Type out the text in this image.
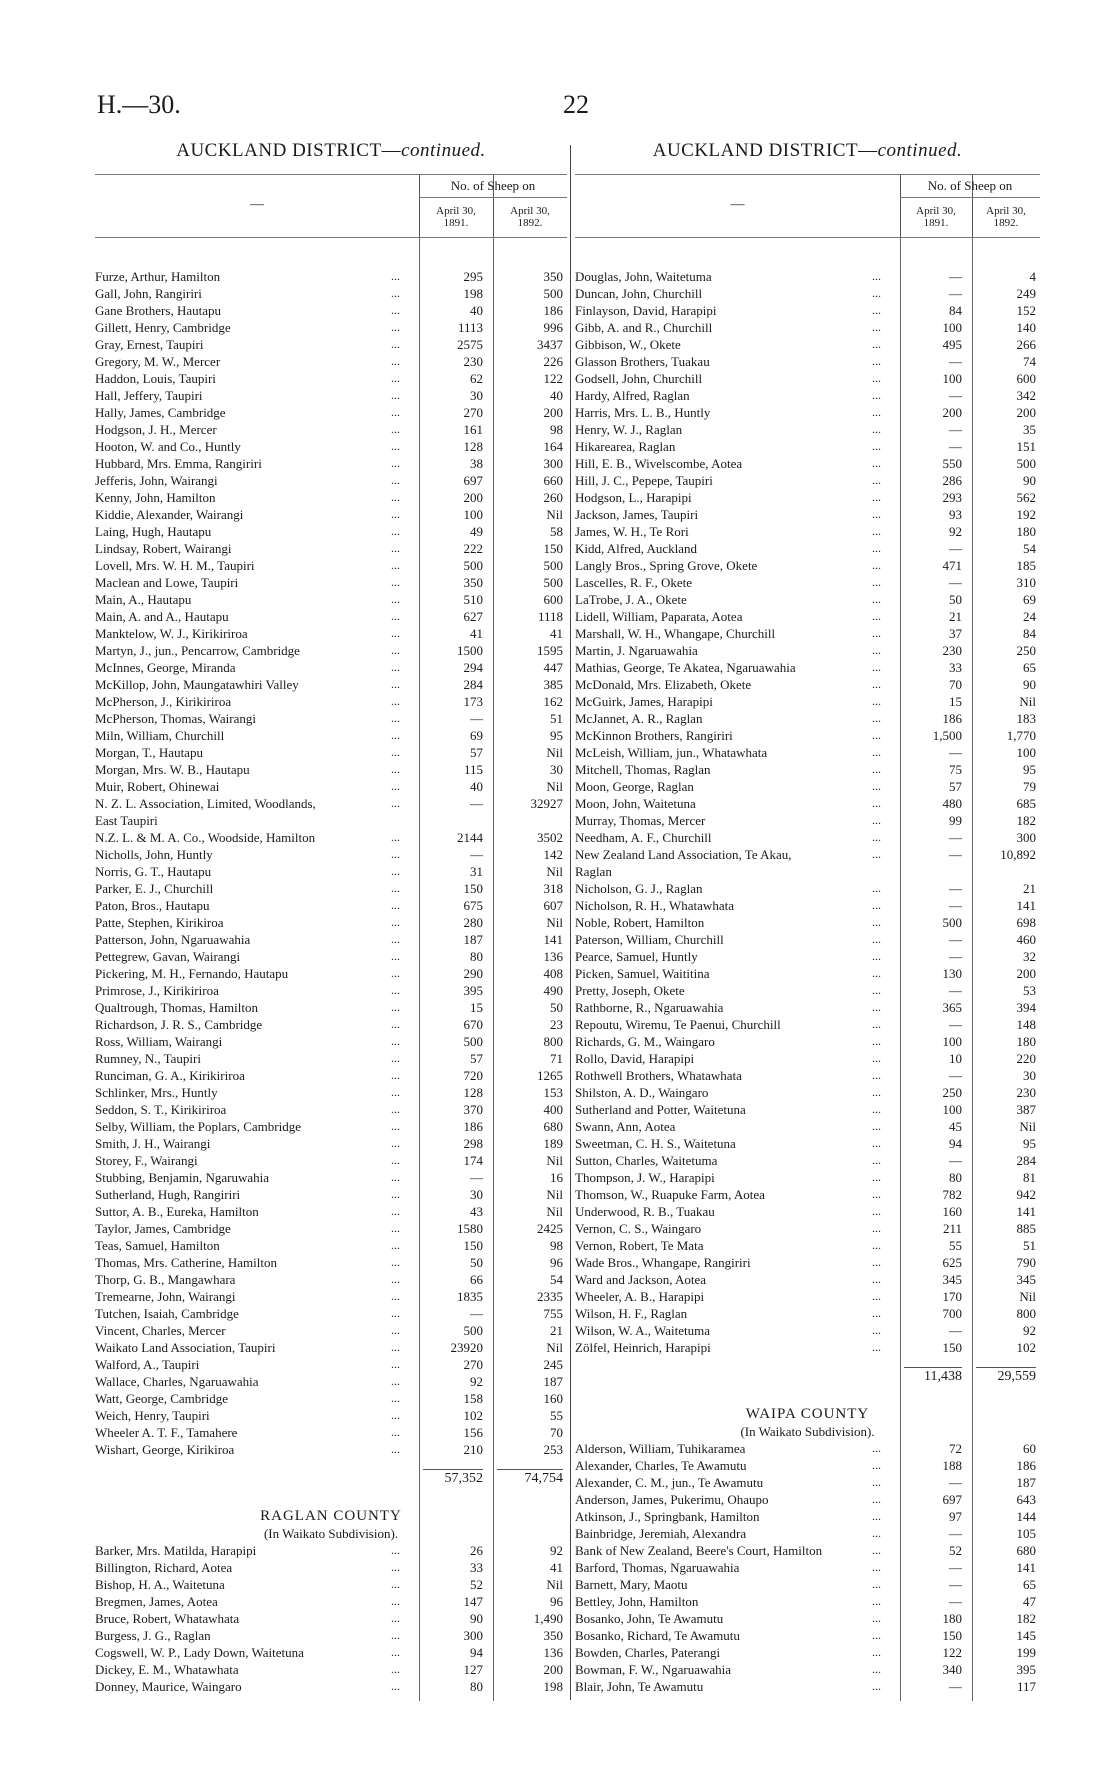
H.—30.	22
AUCKLAND DISTRICT—continued.
—
No. of Sheep on
April 30,
1891.
April 30,
1892.
Furze, Arthur, Hamilton	...	295	350
Gall, John, Rangiriri	...	198	500
Gane Brothers, Hautapu	...	40	186
Gillett, Henry, Cambridge	...	1113	996
Gray, Ernest, Taupiri	...	2575	3437
Gregory, M. W., Mercer	...	230	226
Haddon, Louis, Taupiri	...	62	122
Hall, Jeffery, Taupiri	...	30	40
Hally, James, Cambridge	...	270	200
Hodgson, J. H., Mercer	...	161	98
Hooton, W. and Co., Huntly	...	128	164
Hubbard, Mrs. Emma, Rangiriri	...	38	300
Jefferis, John, Wairangi	...	697	660
Kenny, John, Hamilton	...	200	260
Kiddie, Alexander, Wairangi	...	100	Nil
Laing, Hugh, Hautapu	...	49	58
Lindsay, Robert, Wairangi	...	222	150
Lovell, Mrs. W. H. M., Taupiri	...	500	500
Maclean and Lowe, Taupiri	...	350	500
Main, A., Hautapu	...	510	600
Main, A. and A., Hautapu	...	627	1118
Manktelow, W. J., Kirikiriroa	...	41	41
Martyn, J., jun., Pencarrow, Cambridge	...	1500	1595
McInnes, George, Miranda	...	294	447
McKillop, John, Maungatawhiri Valley	...	284	385
McPherson, J., Kirikiriroa	...	173	162
McPherson, Thomas, Wairangi	...	—	51
Miln, William, Churchill	...	69	95
Morgan, T., Hautapu	...	57	Nil
Morgan, Mrs. W. B., Hautapu	...	115	30
Muir, Robert, Ohinewai	...	40	Nil
N. Z. L. Association, Limited, Woodlands,	...	—	32927
East Taupiri
N.Z. L. & M. A. Co., Woodside, Hamilton	...	2144	3502
Nicholls, John, Huntly	...	—	142
Norris, G. T., Hautapu	...	31	Nil
Parker, E. J., Churchill	...	150	318
Paton, Bros., Hautapu	...	675	607
Patte, Stephen, Kirikiroa	...	280	Nil
Patterson, John, Ngaruawahia	...	187	141
Pettegrew, Gavan, Wairangi	...	80	136
Pickering, M. H., Fernando, Hautapu	...	290	408
Primrose, J., Kirikiriroa	...	395	490
Qualtrough, Thomas, Hamilton	...	15	50
Richardson, J. R. S., Cambridge	...	670	23
Ross, William, Wairangi	...	500	800
Rumney, N., Taupiri	...	57	71
Runciman, G. A., Kirikiriroa	...	720	1265
Schlinker, Mrs., Huntly	...	128	153
Seddon, S. T., Kirikiriroa	...	370	400
Selby, William, the Poplars, Cambridge	...	186	680
Smith, J. H., Wairangi	...	298	189
Storey, F., Wairangi	...	174	Nil
Stubbing, Benjamin, Ngaruwahia	...	—	16
Sutherland, Hugh, Rangiriri	...	30	Nil
Suttor, A. B., Eureka, Hamilton	...	43	Nil
Taylor, James, Cambridge	...	1580	2425
Teas, Samuel, Hamilton	...	150	98
Thomas, Mrs. Catherine, Hamilton	...	50	96
Thorp, G. B., Mangawhara	...	66	54
Tremearne, John, Wairangi	...	1835	2335
Tutchen, Isaiah, Cambridge	...	—	755
Vincent, Charles, Mercer	...	500	21
Waikato Land Association, Taupiri	...	23920	Nil
Walford, A., Taupiri	...	270	245
Wallace, Charles, Ngaruawahia	...	92	187
Watt, George, Cambridge	...	158	160
Weich, Henry, Taupiri	...	102	55
Wheeler A. T. F., Tamahere	...	156	70
Wishart, George, Kirikiroa	...	210	253
57,352	74,754
RAGLAN COUNTY
(In Waikato Subdivision).
Barker, Mrs. Matilda, Harapipi	...	26	92
Billington, Richard, Aotea	...	33	41
Bishop, H. A., Waitetuna	...	52	Nil
Bregmen, James, Aotea	...	147	96
Bruce, Robert, Whatawhata	...	90	1,490
Burgess, J. G., Raglan	...	300	350
Cogswell, W. P., Lady Down, Waitetuna	...	94	136
Dickey, E. M., Whatawhata	...	127	200
Donney, Maurice, Waingaro	...	80	198
AUCKLAND DISTRICT—continued.
—
No. of Sheep on
April 30,
1891.
April 30,
1892.
Douglas, John, Waitetuma	...	—	4
Duncan, John, Churchill	...	—	249
Finlayson, David, Harapipi	...	84	152
Gibb, A. and R., Churchill	...	100	140
Gibbison, W., Okete	...	495	266
Glasson Brothers, Tuakau	...	—	74
Godsell, John, Churchill	...	100	600
Hardy, Alfred, Raglan	...	—	342
Harris, Mrs. L. B., Huntly	...	200	200
Henry, W. J., Raglan	...	—	35
Hikarearea, Raglan	...	—	151
Hill, E. B., Wivelscombe, Aotea	...	550	500
Hill, J. C., Pepepe, Taupiri	...	286	90
Hodgson, L., Harapipi	...	293	562
Jackson, James, Taupiri	...	93	192
James, W. H., Te Rori	...	92	180
Kidd, Alfred, Auckland	...	—	54
Langly Bros., Spring Grove, Okete	...	471	185
Lascelles, R. F., Okete	...	—	310
LaTrobe, J. A., Okete	...	50	69
Lidell, William, Paparata, Aotea	...	21	24
Marshall, W. H., Whangape, Churchill	...	37	84
Martin, J. Ngaruawahia	...	230	250
Mathias, George, Te Akatea, Ngaruawahia	...	33	65
McDonald, Mrs. Elizabeth, Okete	...	70	90
McGuirk, James, Harapipi	...	15	Nil
McJannet, A. R., Raglan	...	186	183
McKinnon Brothers, Rangiriri	...	1,500	1,770
McLeish, William, jun., Whatawhata	...	—	100
Mitchell, Thomas, Raglan	...	75	95
Moon, George, Raglan	...	57	79
Moon, John, Waitetuna	...	480	685
Murray, Thomas, Mercer	...	99	182
Needham, A. F., Churchill	...	—	300
New Zealand Land Association, Te Akau,	...	—	10,892
Raglan
Nicholson, G. J., Raglan	...	—	21
Nicholson, R. H., Whatawhata	...	—	141
Noble, Robert, Hamilton	...	500	698
Paterson, William, Churchill	...	—	460
Pearce, Samuel, Huntly	...	—	32
Picken, Samuel, Waititina	...	130	200
Pretty, Joseph, Okete	...	—	53
Rathborne, R., Ngaruawahia	...	365	394
Repoutu, Wiremu, Te Paenui, Churchill	...	—	148
Richards, G. M., Waingaro	...	100	180
Rollo, David, Harapipi	...	10	220
Rothwell Brothers, Whatawhata	...	—	30
Shilston, A. D., Waingaro	...	250	230
Sutherland and Potter, Waitetuna	...	100	387
Swann, Ann, Aotea	...	45	Nil
Sweetman, C. H. S., Waitetuna	...	94	95
Sutton, Charles, Waitetuma	...	—	284
Thompson, J. W., Harapipi	...	80	81
Thomson, W., Ruapuke Farm, Aotea	...	782	942
Underwood, R. B., Tuakau	...	160	141
Vernon, C. S., Waingaro	...	211	885
Vernon, Robert, Te Mata	...	55	51
Wade Bros., Whangape, Rangiriri	...	625	790
Ward and Jackson, Aotea	...	345	345
Wheeler, A. B., Harapipi	...	170	Nil
Wilson, H. F., Raglan	...	700	800
Wilson, W. A., Waitetuma	...	—	92
Zölfel, Heinrich, Harapipi	...	150	102
11,438	29,559
WAIPA COUNTY
(In Waikato Subdivision).
Alderson, William, Tuhikaramea	...	72	60
Alexander, Charles, Te Awamutu	...	188	186
Alexander, C. M., jun., Te Awamutu	...	—	187
Anderson, James, Pukerimu, Ohaupo	...	697	643
Atkinson, J., Springbank, Hamilton	...	97	144
Bainbridge, Jeremiah, Alexandra	...	—	105
Bank of New Zealand, Beere's Court, Hamilton	...	52	680
Barford, Thomas, Ngaruawahia	...	—	141
Barnett, Mary, Maotu	...	—	65
Bettley, John, Hamilton	...	—	47
Bosanko, John, Te Awamutu	...	180	182
Bosanko, Richard, Te Awamutu	...	150	145
Bowden, Charles, Paterangi	...	122	199
Bowman, F. W., Ngaruawahia	...	340	395
Blair, John, Te Awamutu	...	—	117
